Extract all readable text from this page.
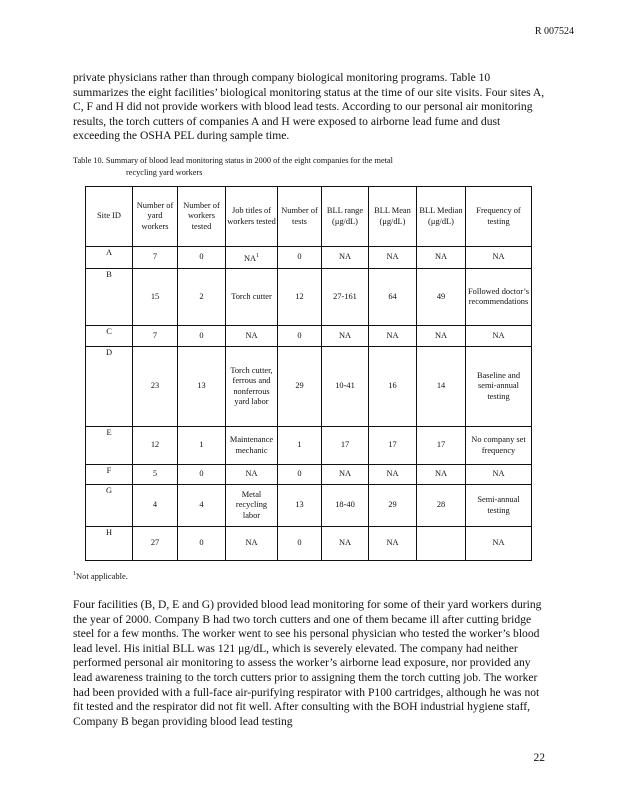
R 007524

private physicians rather than through company biological monitoring programs. Table 10 summarizes the eight facilities’ biological monitoring status at the time of our site visits. Four sites A, C, F and H did not provide workers with blood lead tests. According to our personal air monitoring results, the torch cutters of companies A and H were exposed to airborne lead fume and dust exceeding the OSHA PEL during sample time.

Table 10. Summary of blood lead monitoring status in 2000 of the eight companies for the metal
recycling yard workers
Site ID	Number of yard workers	Number of workers tested	Job titles of workers tested	Number of tests	BLL range (μg/dL)	BLL Mean (μg/dL)	BLL Median (μg/dL)	Frequency of testing
A	7	0	$NA^1$	0	NA	NA	NA	NA
B	15	2	Torch cutter	12	27-161	64	49	Followed doctor’s recommendations
C	7	0	NA	0	NA	NA	NA	NA
D	23	13	Torch cutter, ferrous and nonferrous yard labor	29	10-41	16	14	Baseline and semi-annual testing
E	12	1	Maintenance mechanic	1	17	17	17	No company set frequency
F	5	0	NA	0	NA	NA	NA	NA
G	4	4	Metal recycling labor	13	18-40	29	28	Semi-annual testing
H	27	0	NA	0	NA	NA		NA
$^1$Not applicable.

Four facilities (B, D, E and G) provided blood lead monitoring for some of their yard workers during the year of 2000. Company B had two torch cutters and one of them became ill after cutting bridge steel for a few months. The worker went to see his personal physician who tested the worker’s blood lead level. His initial BLL was 121 μg/dL, which is severely elevated. The company had neither performed personal air monitoring to assess the worker’s airborne lead exposure, nor provided any lead awareness training to the torch cutters prior to assigning them the torch cutting job. The worker had been provided with a full-face air-purifying respirator with P100 cartridges, although he was not fit tested and the respirator did not fit well. After consulting with the BOH industrial hygiene staff, Company B began providing blood lead testing

22
